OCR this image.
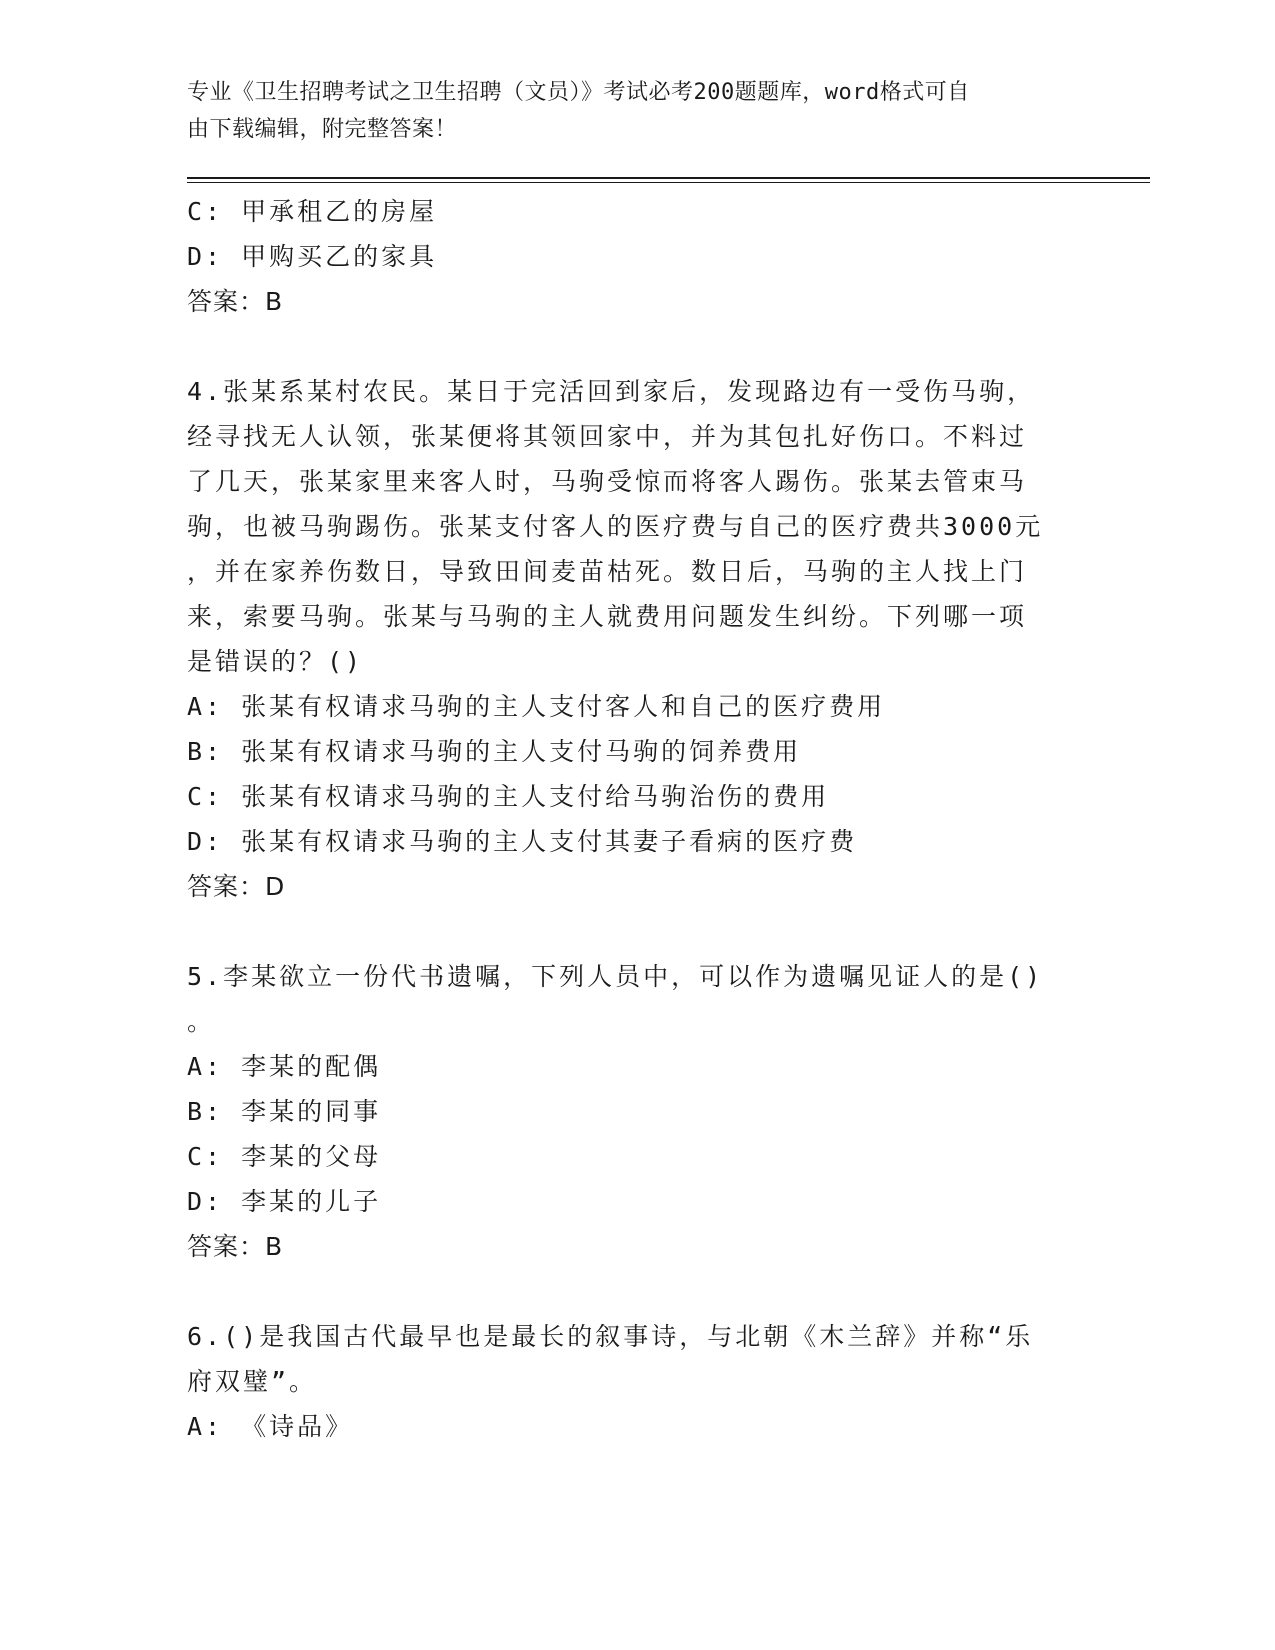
专业《卫生招聘考试之卫生招聘（文员）》考试必考200题题库，word格式可自
由下载编辑，附完整答案！
C: 甲承租乙的房屋
D: 甲购买乙的家具
答案：B
4.张某系某村农民。某日于完活回到家后，发现路边有一受伤马驹，
经寻找无人认领，张某便将其领回家中，并为其包扎好伤口。不料过
了几天，张某家里来客人时，马驹受惊而将客人踢伤。张某去管束马
驹，也被马驹踢伤。张某支付客人的医疗费与自己的医疗费共3000元
，并在家养伤数日，导致田间麦苗枯死。数日后，马驹的主人找上门
来，索要马驹。张某与马驹的主人就费用问题发生纠纷。下列哪一项
是错误的？()
A: 张某有权请求马驹的主人支付客人和自己的医疗费用
B: 张某有权请求马驹的主人支付马驹的饲养费用
C: 张某有权请求马驹的主人支付给马驹治伤的费用
D: 张某有权请求马驹的主人支付其妻子看病的医疗费
答案：D
5.李某欲立一份代书遗嘱，下列人员中，可以作为遗嘱见证人的是()
。
A: 李某的配偶
B: 李某的同事
C: 李某的父母
D: 李某的儿子
答案：B
6.()是我国古代最早也是最长的叙事诗，与北朝《木兰辞》并称“乐
府双璧”。
A: 《诗品》
